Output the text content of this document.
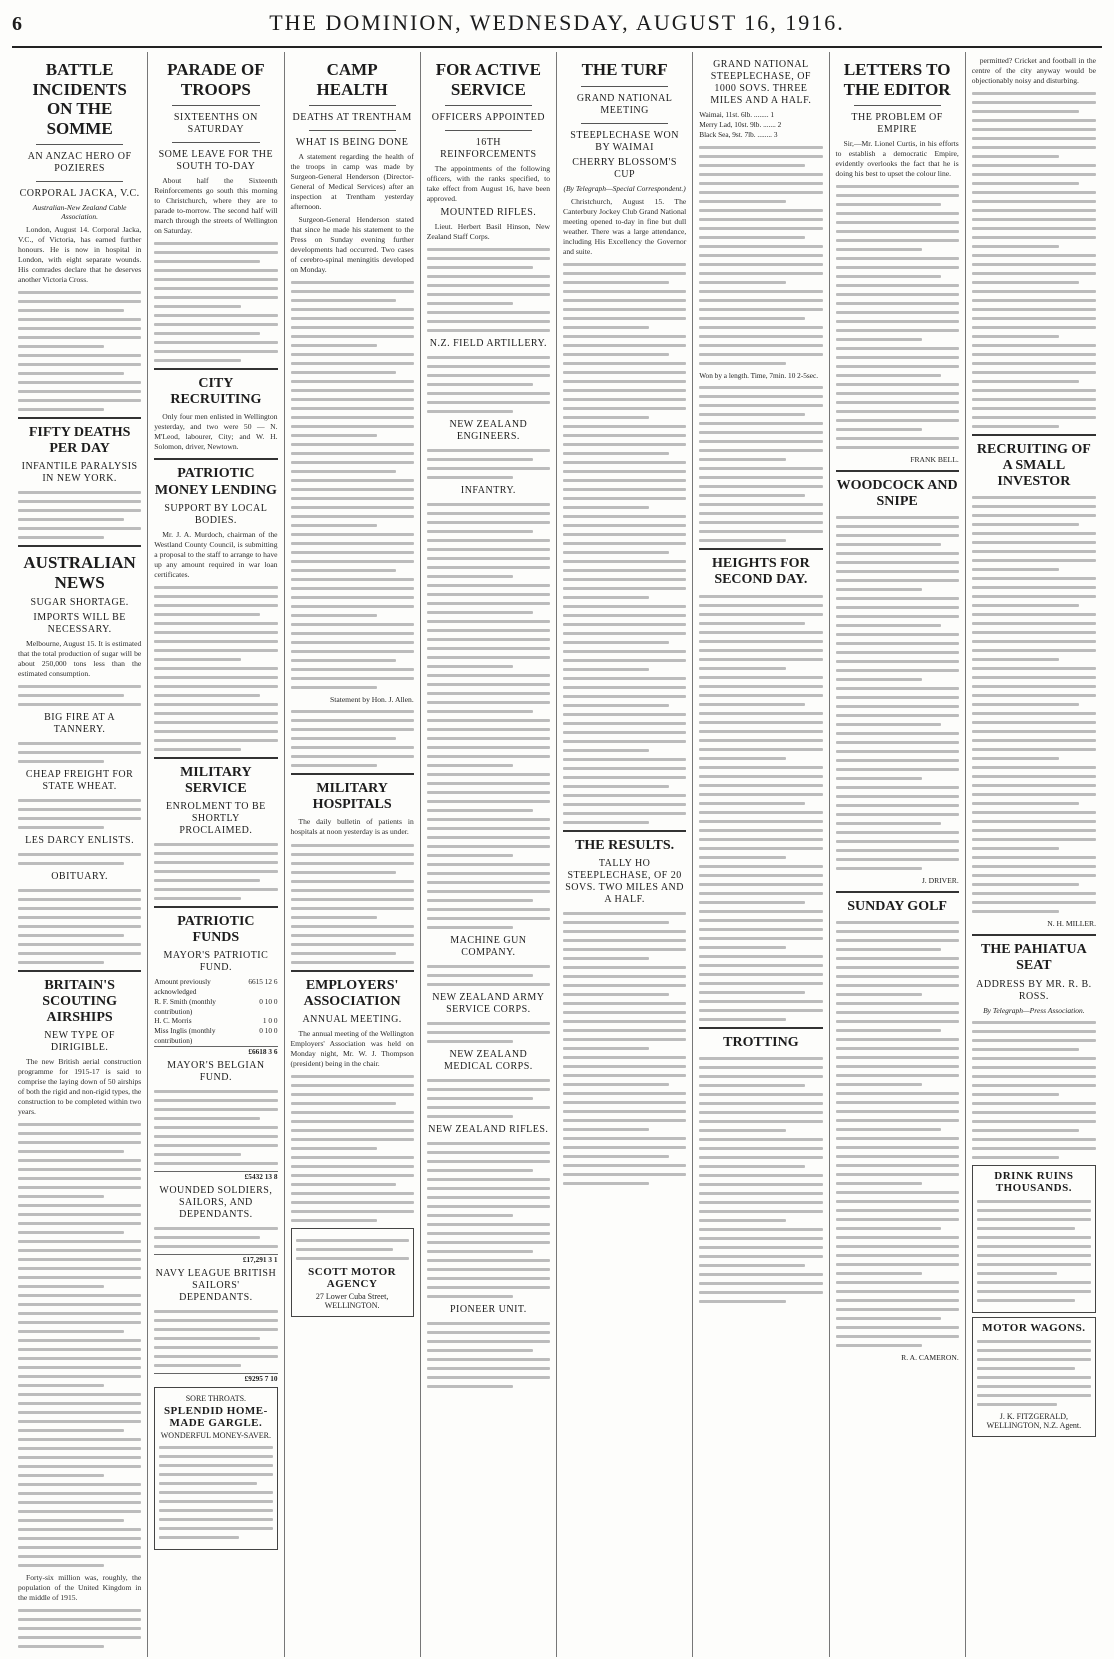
6	THE DOMINION, WEDNESDAY, AUGUST 16, 1916.
BATTLE INCIDENTS ON THE SOMME
AN ANZAC HERO OF POZIERES
CORPORAL JACKA, V.C.
Australian-New Zealand Cable Association.

London, August 14. Corporal Jacka, V.C., of Victoria, has earned further honours. He is now in hospital in London, with eight separate wounds. His comrades declare that he deserves another Victoria Cross.

FIFTY DEATHS PER DAY
INFANTILE PARALYSIS IN NEW YORK.
AUSTRALIAN NEWS
SUGAR SHORTAGE.
IMPORTS WILL BE NECESSARY.

Melbourne, August 15. It is estimated that the total production of sugar will be about 250,000 tons less than the estimated consumption.

BIG FIRE AT A TANNERY.
CHEAP FREIGHT FOR STATE WHEAT.
LES DARCY ENLISTS.
OBITUARY.
BRITAIN'S SCOUTING AIRSHIPS
NEW TYPE OF DIRIGIBLE.

The new British aerial construction programme for 1915-17 is said to comprise the laying down of 50 airships of both the rigid and non-rigid types, the construction to be completed within two years.

Forty-six million was, roughly, the population of the United Kingdom in the middle of 1915.

PARADE OF TROOPS
SIXTEENTHS ON SATURDAY
SOME LEAVE FOR THE SOUTH TO-DAY

About half the Sixteenth Reinforcements go south this morning to Christchurch, where they are to parade to-morrow. The second half will march through the streets of Wellington on Saturday.

CITY RECRUITING

Only four men enlisted in Wellington yesterday, and two were 50 — N. M'Leod, labourer, City; and W. H. Solomon, driver, Newtown.

PATRIOTIC MONEY LENDING
SUPPORT BY LOCAL BODIES.

Mr. J. A. Murdoch, chairman of the Westland County Council, is submitting a proposal to the staff to arrange to have up any amount required in war loan certificates.

MILITARY SERVICE
ENROLMENT TO BE SHORTLY PROCLAIMED.
PATRIOTIC FUNDS
MAYOR'S PATRIOTIC FUND.
Amount previously acknowledged
6615 12 6
R. F. Smith (monthly contribution)
0 10 0
H. C. Morris	1 0 0
Miss Inglis (monthly contribution)
0 10 0
£6618 3 6
MAYOR'S BELGIAN FUND.
£5432 13 8
WOUNDED SOLDIERS, SAILORS, AND DEPENDANTS.
£17,291 3 1
NAVY LEAGUE BRITISH SAILORS' DEPENDANTS.
£9295 7 10
SORE THROATS.
SPLENDID HOME-MADE GARGLE.
WONDERFUL MONEY-SAVER.
CAMP HEALTH
DEATHS AT TRENTHAM
WHAT IS BEING DONE

A statement regarding the health of the troops in camp was made by Surgeon-General Henderson (Director-General of Medical Services) after an inspection at Trentham yesterday afternoon.

Surgeon-General Henderson stated that since he made his statement to the Press on Sunday evening further developments had occurred. Two cases of cerebro-spinal meningitis developed on Monday.

Statement by Hon. J. Allen.
MILITARY HOSPITALS

The daily bulletin of patients in hospitals at noon yesterday is as under.

EMPLOYERS' ASSOCIATION
ANNUAL MEETING.

The annual meeting of the Wellington Employers' Association was held on Monday night, Mr. W. J. Thompson (president) being in the chair.

SCOTT MOTOR AGENCY
27 Lower Cuba Street, WELLINGTON.
FOR ACTIVE SERVICE
OFFICERS APPOINTED
16TH REINFORCEMENTS

The appointments of the following officers, with the ranks specified, to take effect from August 16, have been approved.

MOUNTED RIFLES.

Lieut. Herbert Basil Hinson, New Zealand Staff Corps.

N.Z. FIELD ARTILLERY.
NEW ZEALAND ENGINEERS.
INFANTRY.
MACHINE GUN COMPANY.
NEW ZEALAND ARMY SERVICE CORPS.
NEW ZEALAND MEDICAL CORPS.
NEW ZEALAND RIFLES.
PIONEER UNIT.
THE TURF
GRAND NATIONAL MEETING
STEEPLECHASE WON BY WAIMAI
CHERRY BLOSSOM'S CUP
(By Telegraph—Special Correspondent.)

Christchurch, August 15. The Canterbury Jockey Club Grand National meeting opened to-day in fine but dull weather. There was a large attendance, including His Excellency the Governor and suite.

THE RESULTS.
TALLY HO STEEPLECHASE, OF 20 SOVS. TWO MILES AND A HALF.
GRAND NATIONAL STEEPLECHASE, OF 1000 SOVS. THREE MILES AND A HALF.
Waimai, 11st. 6lb. ........ 1
Merry Lad, 10st. 9lb. ....... 2
Black Sea, 9st. 7lb. ........ 3
Won by a length. Time, 7min. 10 2-5sec.
HEIGHTS FOR SECOND DAY.
TROTTING
LETTERS TO THE EDITOR
THE PROBLEM OF EMPIRE

Sir,—Mr. Lionel Curtis, in his efforts to establish a democratic Empire, evidently overlooks the fact that he is doing his best to upset the colour line.

FRANK BELL.
WOODCOCK AND SNIPE
J. DRIVER.
SUNDAY GOLF
R. A. CAMERON.

permitted? Cricket and football in the centre of the city anyway would be objectionably noisy and disturbing.

RECRUITING OF A SMALL INVESTOR
N. H. MILLER.
THE PAHIATUA SEAT
ADDRESS BY MR. R. B. ROSS.
By Telegraph—Press Association.
DRINK RUINS THOUSANDS.
MOTOR WAGONS.
J. K. FITZGERALD, WELLINGTON, N.Z. Agent.
